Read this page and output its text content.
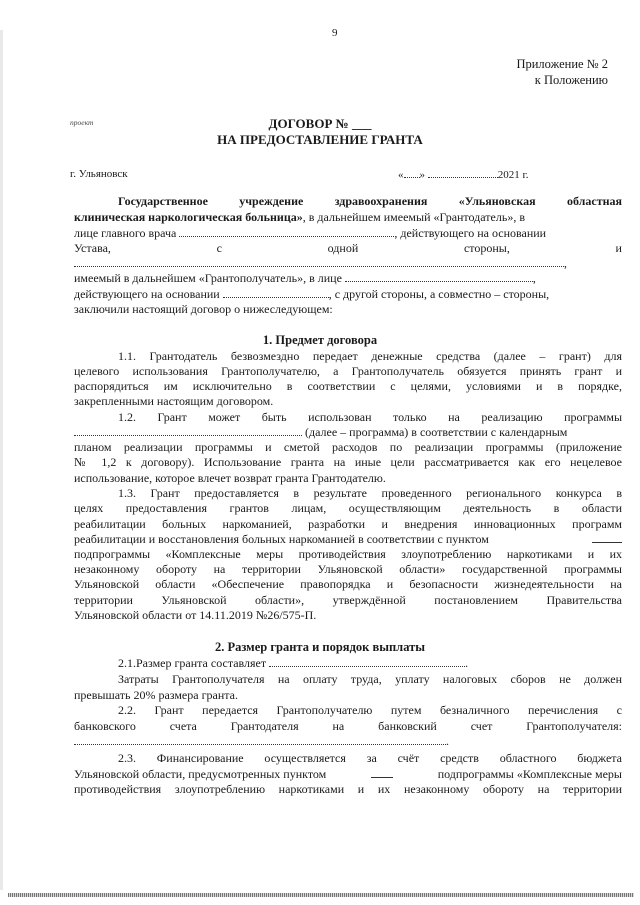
9
Приложение № 2
к Положению
проект	ДОГОВОР № ___
НА ПРЕДОСТАВЛЕНИЕ ГРАНТА
г. Ульяновск	« »	2021 г.
Государственное учреждение здравоохранения «Ульяновская областная
клиническая наркологическая больница», в дальнейшем имеемый «Грантодатель», в
лице главного врача	, действующего на основании
Устава,	с	одной	стороны,	и
,
имеемый в дальнейшем «Грантополучатель», в лице	,
действующего на основании	, с другой стороны, а совместно – стороны,
заключили настоящий договор о нижеследующем:
1. Предмет договора
1.1. Грантодатель безвозмездно передает денежные средства (далее – грант) для
целевого использования Грантополучателю, а Грантополучатель обязуется принять грант и
распорядиться им исключительно в соответствии с целями, условиями и в порядке,
закрепленными настоящим договором.
1.2. Грант может быть использован только на реализацию программы
(далее – программа) в соответствии с календарным
планом реализации программы и сметой расходов по реализации программы (приложение
№ 1,2 к договору). Использование гранта на иные цели рассматривается как его нецелевое
использование, которое влечет возврат гранта Грантодателю.
1.3. Грант предоставляется в результате проведенного регионального конкурса в
целях предоставления грантов лицам, осуществляющим деятельность в области
реабилитации больных наркоманией, разработки и внедрения инновационных программ
реабилитации и восстановления больных наркоманией в соответствии с пунктом
подпрограммы «Комплексные меры противодействия злоупотреблению наркотиками и их
незаконному обороту на территории Ульяновской области» государственной программы
Ульяновской области «Обеспечение правопорядка и безопасности жизнедеятельности на
территории Ульяновской области», утверждённой постановлением Правительства
Ульяновской области от 14.11.2019 №26/575-П.
2. Размер гранта и порядок выплаты
2.1.Размер гранта составляет	.
Затраты Грантополучателя на оплату труда, уплату налоговых сборов не должен
превышать 20% размера гранта.
2.2. Грант передается Грантополучателю путем безналичного перечисления с
банковского счета Грантодателя на банковский счет Грантополучателя:
.
2.3. Финансирование осуществляется за счёт средств областного бюджета
Ульяновской области, предусмотренных пунктом	подпрограммы «Комплексные меры
противодействия злоупотреблению наркотиками и их незаконному обороту на территории
